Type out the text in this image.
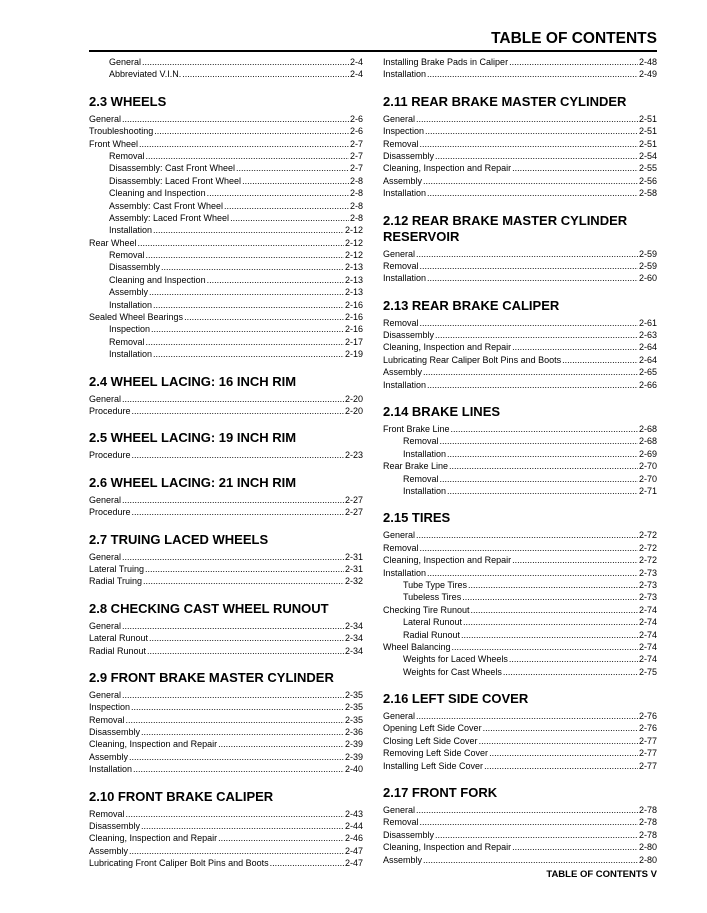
TABLE OF CONTENTS
General .....	2-4
Abbreviated V.I.N. .....	2-4
2.3 WHEELS
General .....	2-6
Troubleshooting .....	2-6
Front Wheel .....	2-7
Removal .....	2-7
Disassembly: Cast Front Wheel .....	2-7
Disassembly: Laced Front Wheel .....	2-8
Cleaning and Inspection .....	2-8
Assembly: Cast Front Wheel .....	2-8
Assembly: Laced Front Wheel .....	2-8
Installation .....	2-12
Rear Wheel .....	2-12
Removal .....	2-12
Disassembly .....	2-13
Cleaning and Inspection .....	2-13
Assembly .....	2-13
Installation .....	2-16
Sealed Wheel Bearings .....	2-16
Inspection .....	2-16
Removal .....	2-17
Installation .....	2-19
2.4 WHEEL LACING: 16 INCH RIM
General .....	2-20
Procedure .....	2-20
2.5 WHEEL LACING: 19 INCH RIM
Procedure .....	2-23
2.6 WHEEL LACING: 21 INCH RIM
General .....	2-27
Procedure .....	2-27
2.7 TRUING LACED WHEELS
General .....	2-31
Lateral Truing .....	2-31
Radial Truing .....	2-32
2.8 CHECKING CAST WHEEL RUNOUT
General .....	2-34
Lateral Runout .....	2-34
Radial Runout .....	2-34
2.9 FRONT BRAKE MASTER CYLINDER
General .....	2-35
Inspection .....	2-35
Removal .....	2-35
Disassembly .....	2-36
Cleaning, Inspection and Repair .....	2-39
Assembly .....	2-39
Installation .....	2-40
2.10 FRONT BRAKE CALIPER
Removal .....	2-43
Disassembly .....	2-44
Cleaning, Inspection and Repair .....	2-46
Assembly .....	2-47
Lubricating Front Caliper Bolt Pins and Boots .....	2-47
Installing Brake Pads in Caliper .....	2-48
Installation .....	2-49
2.11 REAR BRAKE MASTER CYLINDER
General .....	2-51
Inspection .....	2-51
Removal .....	2-51
Disassembly .....	2-54
Cleaning, Inspection and Repair .....	2-55
Assembly .....	2-56
Installation .....	2-58
2.12 REAR BRAKE MASTER CYLINDER RESERVOIR
General .....	2-59
Removal .....	2-59
Installation .....	2-60
2.13 REAR BRAKE CALIPER
Removal .....	2-61
Disassembly .....	2-63
Cleaning, Inspection and Repair .....	2-64
Lubricating Rear Caliper Bolt Pins and Boots .....	2-64
Assembly .....	2-65
Installation .....	2-66
2.14 BRAKE LINES
Front Brake Line .....	2-68
Removal .....	2-68
Installation .....	2-69
Rear Brake Line .....	2-70
Removal .....	2-70
Installation .....	2-71
2.15 TIRES
General .....	2-72
Removal .....	2-72
Cleaning, Inspection and Repair .....	2-72
Installation .....	2-73
Tube Type Tires .....	2-73
Tubeless Tires .....	2-73
Checking Tire Runout .....	2-74
Lateral Runout .....	2-74
Radial Runout .....	2-74
Wheel Balancing .....	2-74
Weights for Laced Wheels .....	2-74
Weights for Cast Wheels .....	2-75
2.16 LEFT SIDE COVER
General .....	2-76
Opening Left Side Cover .....	2-76
Closing Left Side Cover .....	2-77
Removing Left Side Cover .....	2-77
Installing Left Side Cover .....	2-77
2.17 FRONT FORK
General .....	2-78
Removal .....	2-78
Disassembly .....	2-78
Cleaning, Inspection and Repair .....	2-80
Assembly .....	2-80
TABLE OF CONTENTS V
